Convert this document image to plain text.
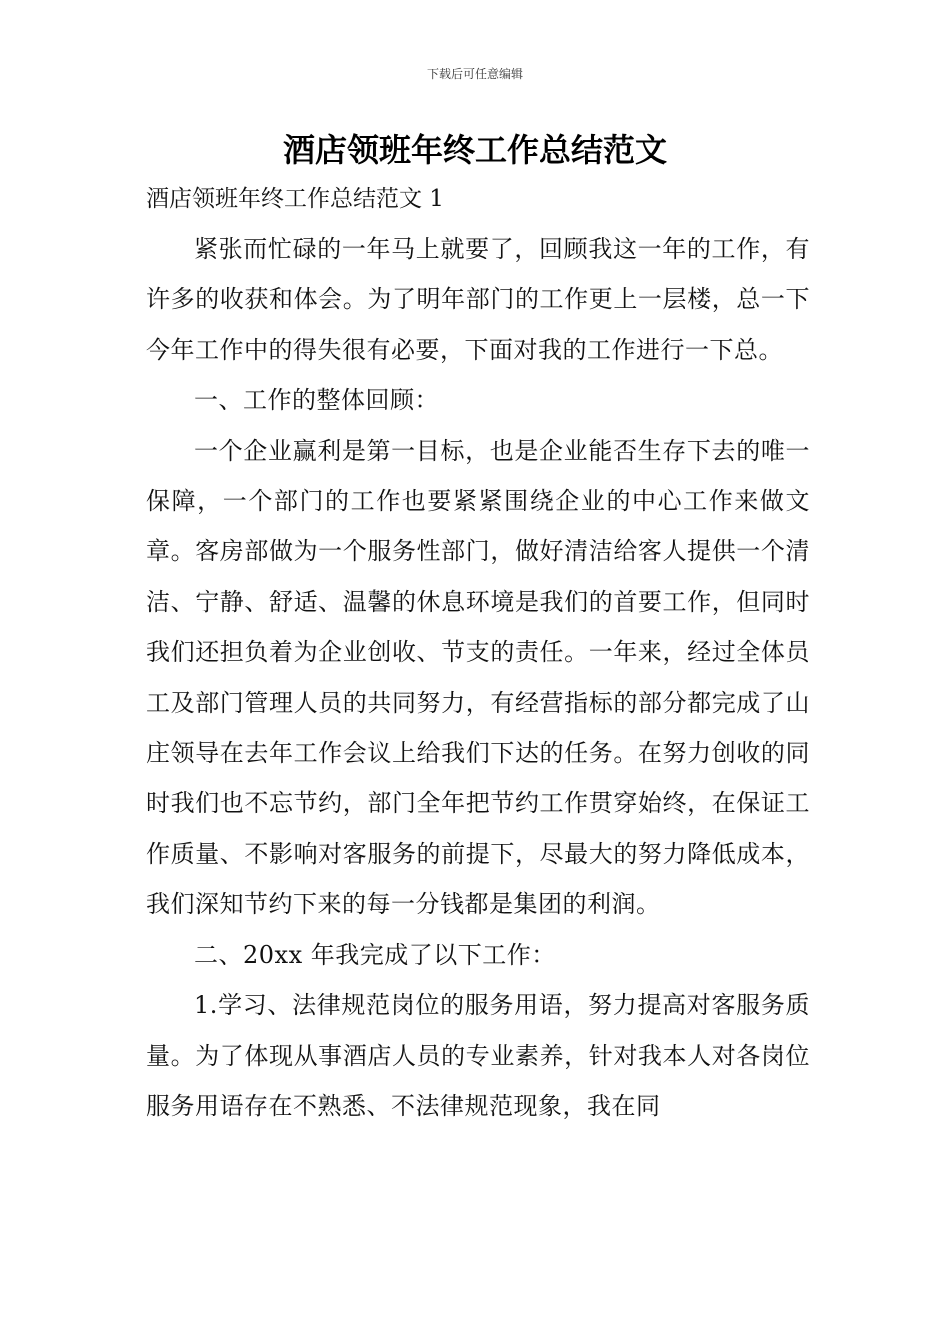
下载后可任意编辑
酒店领班年终工作总结范文
酒店领班年终工作总结范文 1

紧张而忙碌的一年马上就要了，回顾我这一年的工作，有许多的收获和体会。为了明年部门的工作更上一层楼，总一下今年工作中的得失很有必要，下面对我的工作进行一下总。

一、工作的整体回顾：

一个企业赢利是第一目标，也是企业能否生存下去的唯一保障，一个部门的工作也要紧紧围绕企业的中心工作来做文章。客房部做为一个服务性部门，做好清洁给客人提供一个清洁、宁静、舒适、温馨的休息环境是我们的首要工作，但同时我们还担负着为企业创收、节支的责任。一年来，经过全体员工及部门管理人员的共同努力，有经营指标的部分都完成了山庄领导在去年工作会议上给我们下达的任务。在努力创收的同时我们也不忘节约，部门全年把节约工作贯穿始终，在保证工作质量、不影响对客服务的前提下，尽最大的努力降低成本，我们深知节约下来的每一分钱都是集团的利润。

二、20xx 年我完成了以下工作：

1.学习、法律规范岗位的服务用语，努力提高对客服务质量。为了体现从事酒店人员的专业素养，针对我本人对各岗位服务用语存在不熟悉、不法律规范现象，我在同
